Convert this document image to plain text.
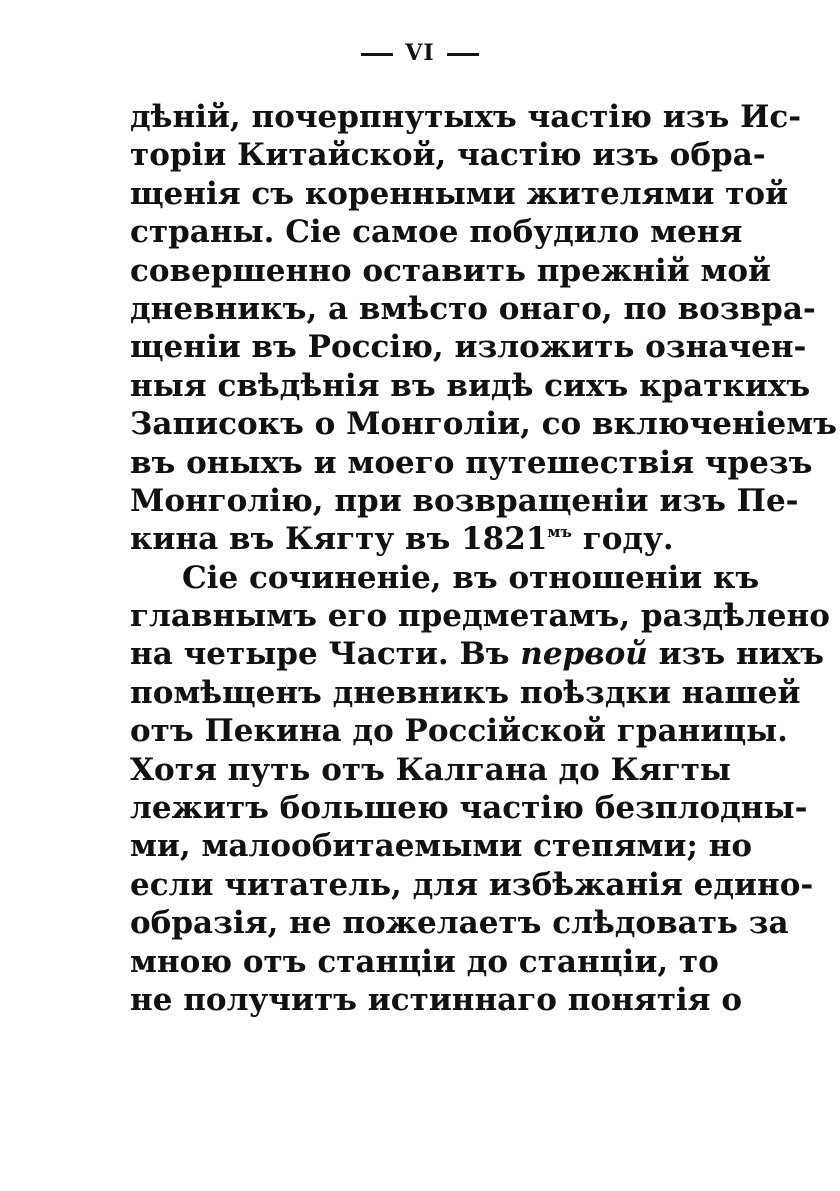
VI
дѣній, почерпнутыхъ частію изъ Ис-
торіи Китайской, частію изъ обра-
щенія съ коренными жителями той
страны. Сіе самое побудило меня
совершенно оставить прежній мой
дневникъ, а вмѣсто онаго, по возвра-
щеніи въ Россію, изложить означен-
ныя свѣдѣнія въ видѣ сихъ краткихъ
Записокъ о Монголіи, со включеніемъ
въ оныхъ и моего путешествія чрезъ
Монголію, при возвращеніи изъ Пе-
кина въ Кягту въ $1821^{мъ}$ году.
Сіе сочиненіе, въ отношеніи къ
главнымъ его предметамъ, раздѣлено
на четыре Части. Въ первой изъ нихъ
помѣщенъ дневникъ поѣздки нашей
отъ Пекина до Россійской границы.
Хотя путь отъ Калгана до Кягты
лежитъ большею частію безплодны-
ми, малообитаемыми степями; но
если читатель, для избѣжанія едино-
образія, не пожелаетъ слѣдовать за
мною отъ станціи до станціи, то
не получитъ истиннаго понятія о
